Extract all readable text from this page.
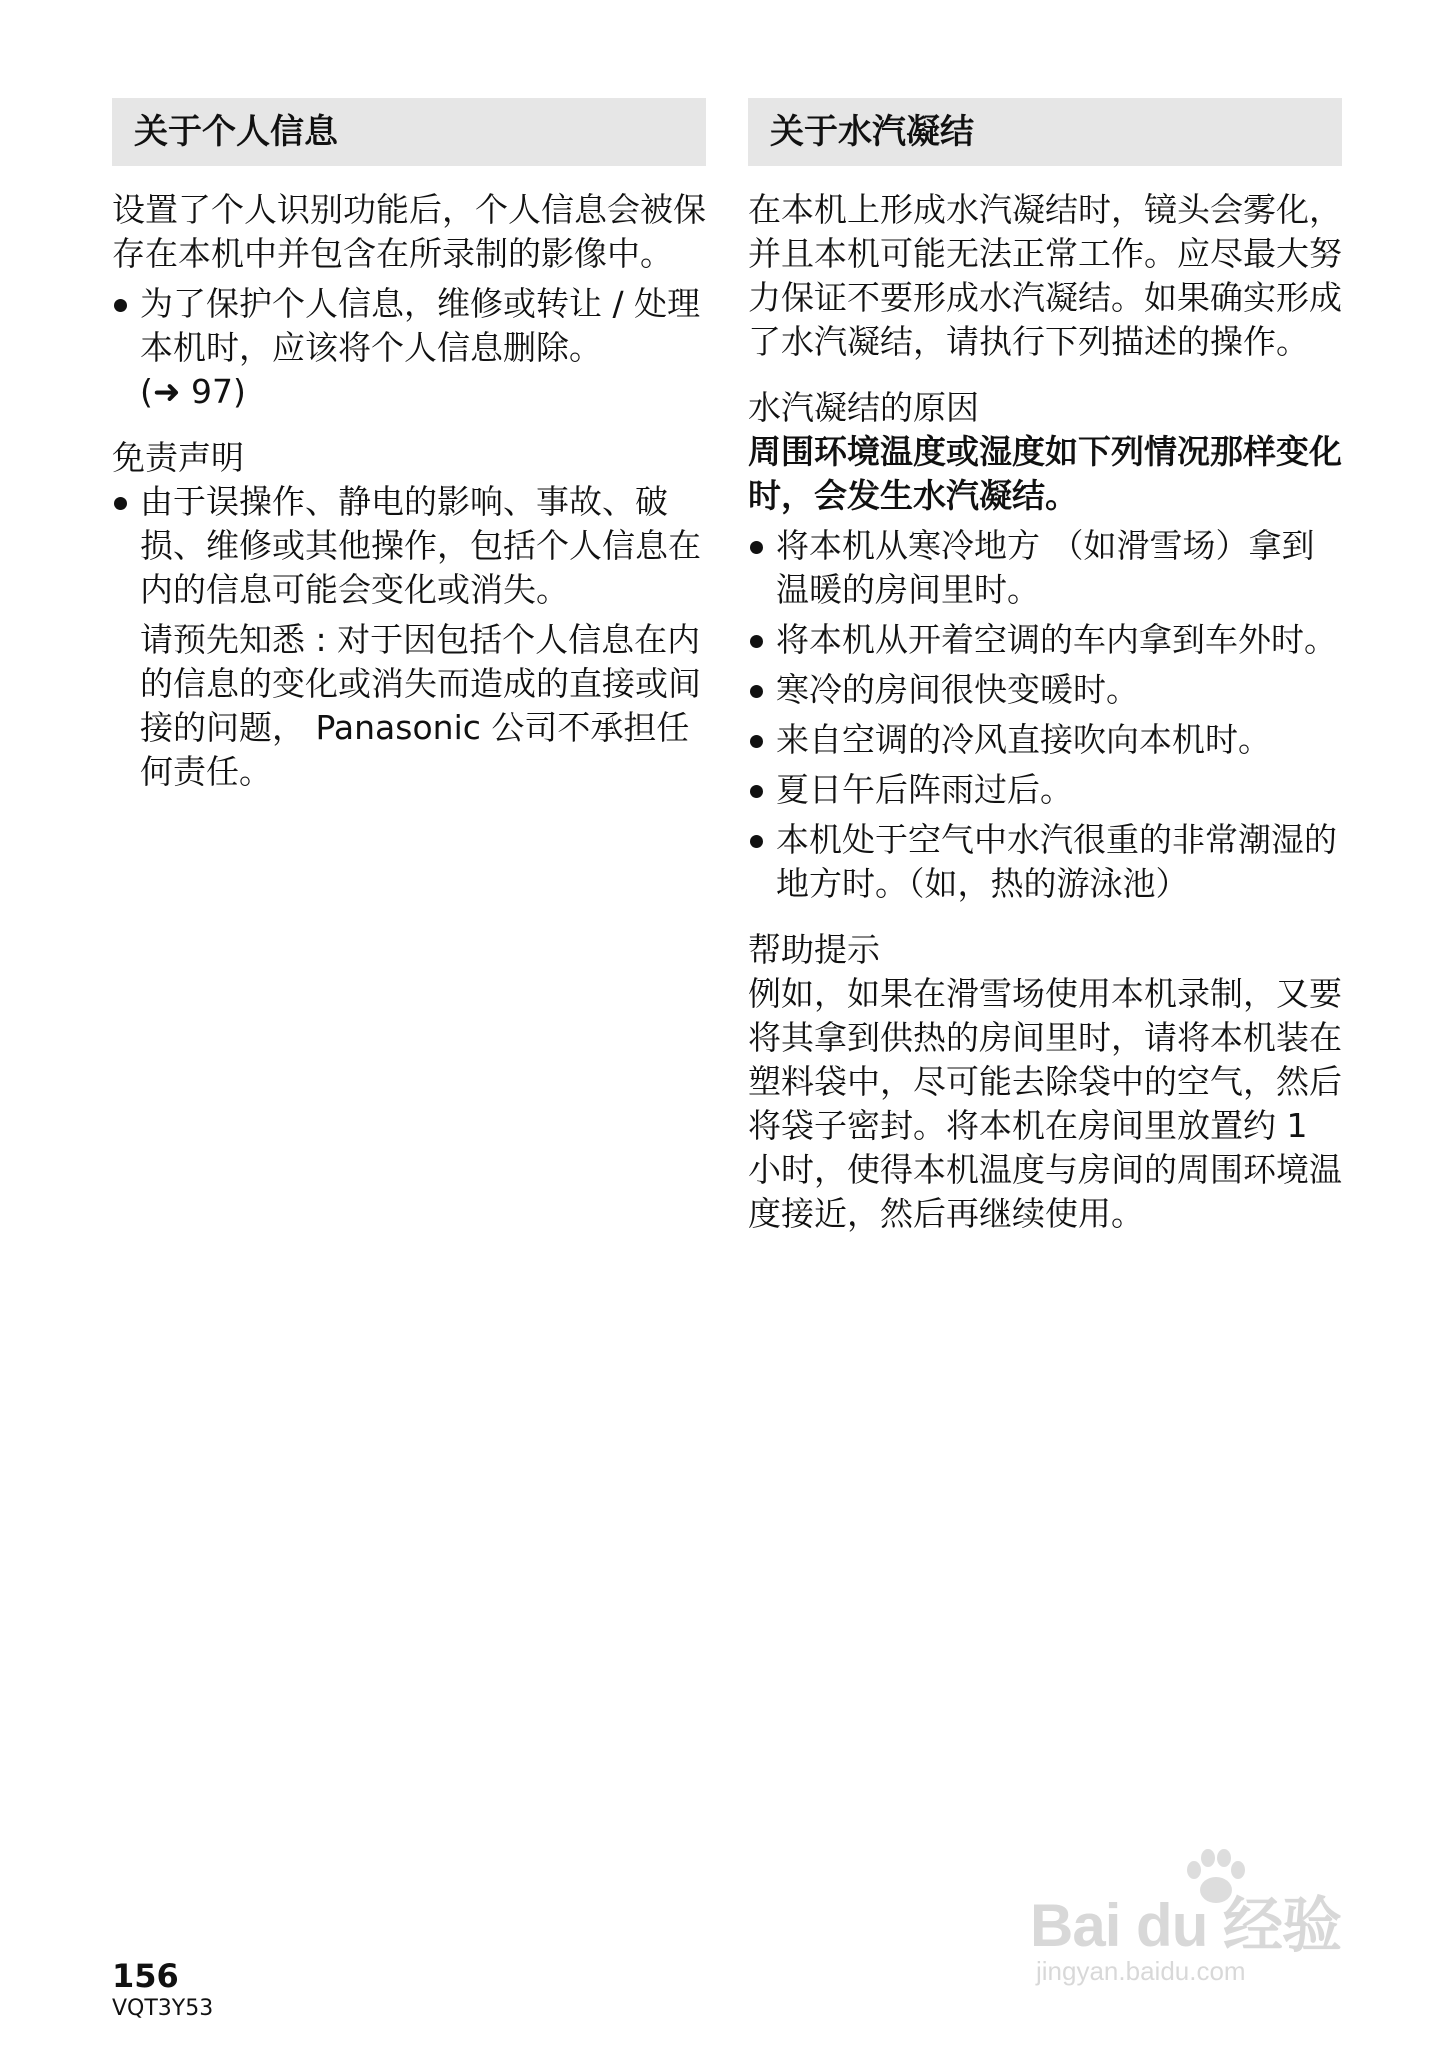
关于个人信息

设置了个人识别功能后，个人信息会被保存在本机中并包含在所录制的影像中。

为了保护个人信息，维修或转让 / 处理本机时，应该将个人信息删除。
(➜ 97)
免责声明
由于误操作、静电的影响、事故、破损、维修或其他操作，包括个人信息在内的信息可能会变化或消失。
请预先知悉 : 对于因包括个人信息在内的信息的变化或消失而造成的直接或间接的问题， Panasonic 公司不承担任何责任。
关于水汽凝结

在本机上形成水汽凝结时，镜头会雾化，并且本机可能无法正常工作。应尽最大努力保证不要形成水汽凝结。如果确实形成了水汽凝结，请执行下列描述的操作。

水汽凝结的原因
周围环境温度或湿度如下列情况那样变化时，会发生水汽凝结。
将本机从寒冷地方 （如滑雪场）拿到温暖的房间里时。
将本机从开着空调的车内拿到车外时。
寒冷的房间很快变暖时。
来自空调的冷风直接吹向本机时。
夏日午后阵雨过后。
本机处于空气中水汽很重的非常潮湿的地方时。（如，热的游泳池）
帮助提示

例如，如果在滑雪场使用本机录制，又要将其拿到供热的房间里时，请将本机装在塑料袋中，尽可能去除袋中的空气，然后将袋子密封。将本机在房间里放置约 1 小时，使得本机温度与房间的周围环境温度接近，然后再继续使用。

156
VQT3Y53
Bai du 经验
jingyan.baidu.com
